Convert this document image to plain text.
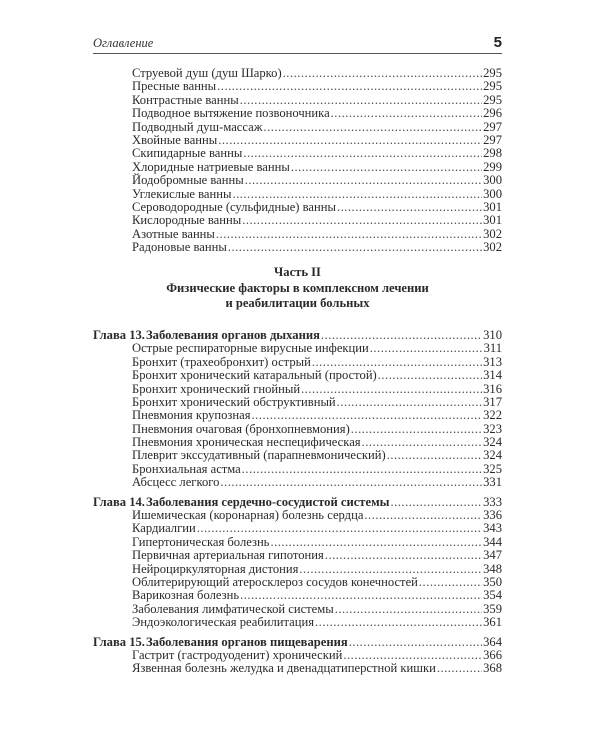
Оглавление	5
Струевой душ (душ Шарко) .....	295
Пресные ванны .....	295
Контрастные ванны .....	295
Подводное вытяжение позвоночника .....	296
Подводный душ-массаж .....	297
Хвойные ванны .....	297
Скипидарные ванны .....	298
Хлоридные натриевые ванны .....	299
Йодобромные ванны .....	300
Углекислые ванны .....	300
Сероводородные (сульфидные) ванны .....	301
Кислородные ванны .....	301
Азотные ванны .....	302
Радоновые ванны .....	302
Часть II
Физические факторы в комплексном лечении
и реабилитации больных
Глава 13.Заболевания органов дыхания .....	310
Острые респираторные вирусные инфекции .....	311
Бронхит (трахеобронхит) острый .....	313
Бронхит хронический катаральный (простой) .....	314
Бронхит хронический гнойный .....	316
Бронхит хронический обструктивный .....	317
Пневмония крупозная .....	322
Пневмония очаговая (бронхопневмония) .....	323
Пневмония хроническая неспецифическая .....	324
Плеврит экссудативный (парапневмонический) .....	324
Бронхиальная астма .....	325
Абсцесс легкого .....	331
Глава 14.Заболевания сердечно-сосудистой системы .....	333
Ишемическая (коронарная) болезнь сердца .....	336
Кардиалгии .....	343
Гипертоническая болезнь .....	344
Первичная артериальная гипотония .....	347
Нейроциркуляторная дистония .....	348
Облитерирующий атеросклероз сосудов конечностей .....	350
Варикозная болезнь .....	354
Заболевания лимфатической системы .....	359
Эндоэкологическая реабилитация .....	361
Глава 15.Заболевания органов пищеварения .....	364
Гастрит (гастродуоденит) хронический .....	366
Язвенная болезнь желудка и двенадцатиперстной кишки .....	368
